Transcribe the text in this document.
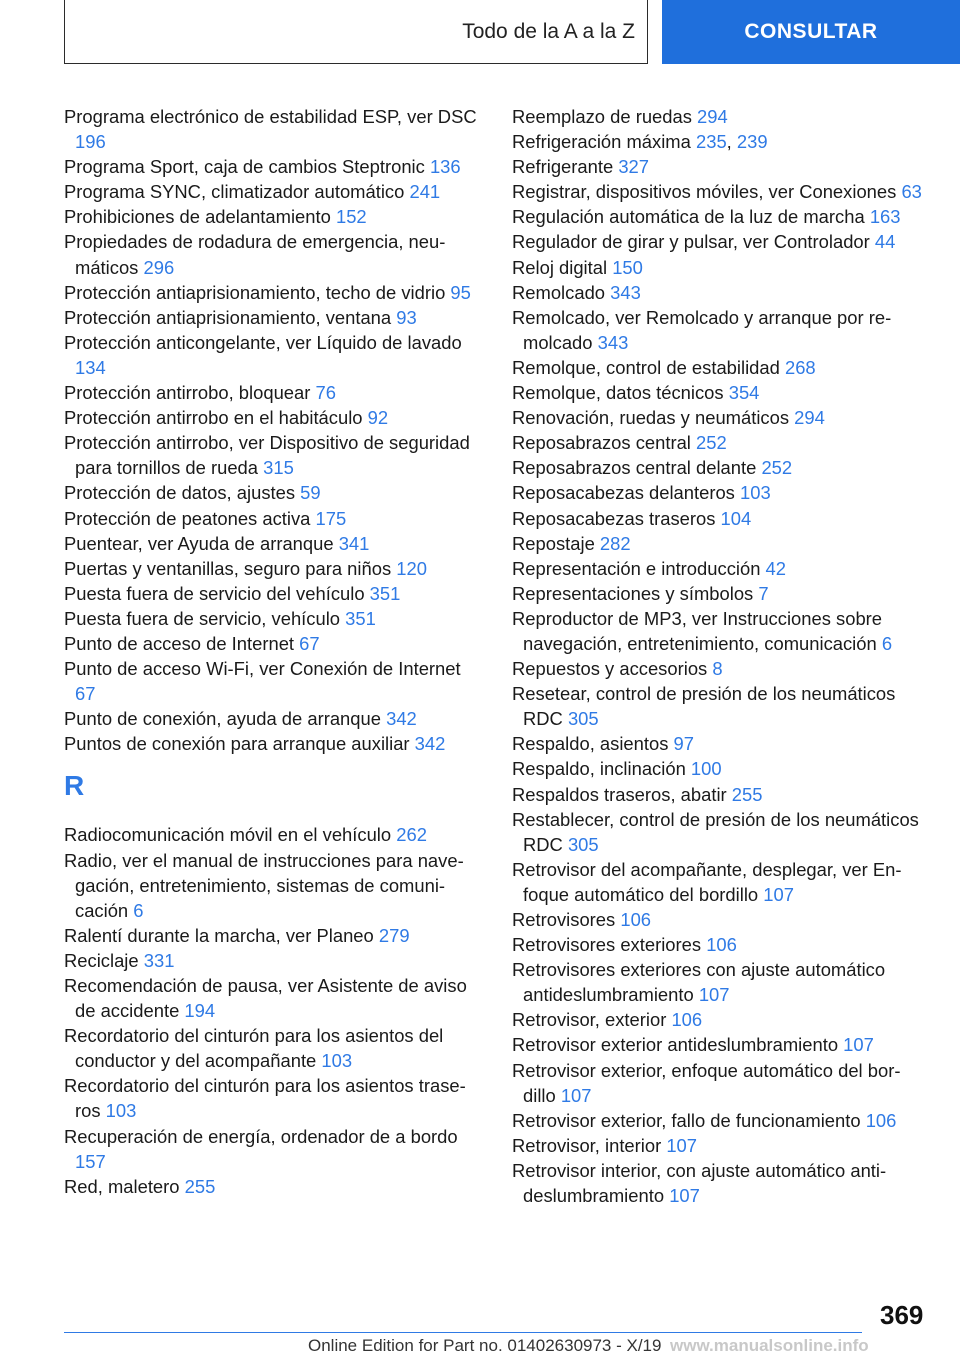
Todo de la A a la Z	CONSULTAR
Programa electrónico de estabilidad ESP, ver DSC 196
Programa Sport, caja de cambios Steptronic 136
Programa SYNC, climatizador automático 241
Prohibiciones de adelantamiento 152
Propiedades de rodadura de emergencia, neumáticos 296
Protección antiaprisionamiento, techo de vidrio 95
Protección antiaprisionamiento, ventana 93
Protección anticongelante, ver Líquido de lavado 134
Protección antirrobo, bloquear 76
Protección antirrobo en el habitáculo 92
Protección antirrobo, ver Dispositivo de seguridad para tornillos de rueda 315
Protección de datos, ajustes 59
Protección de peatones activa 175
Puentear, ver Ayuda de arranque 341
Puertas y ventanillas, seguro para niños 120
Puesta fuera de servicio del vehículo 351
Puesta fuera de servicio, vehículo 351
Punto de acceso de Internet 67
Punto de acceso Wi-Fi, ver Conexión de Internet 67
Punto de conexión, ayuda de arranque 342
Puntos de conexión para arranque auxiliar 342
R
Radiocomunicación móvil en el vehículo 262
Radio, ver el manual de instrucciones para navegación, entretenimiento, sistemas de comunicación 6
Ralentí durante la marcha, ver Planeo 279
Reciclaje 331
Recomendación de pausa, ver Asistente de aviso de accidente 194
Recordatorio del cinturón para los asientos del conductor y del acompañante 103
Recordatorio del cinturón para los asientos traseros 103
Recuperación de energía, ordenador de a bordo 157
Red, maletero 255
Reemplazo de ruedas 294
Refrigeración máxima 235, 239
Refrigerante 327
Registrar, dispositivos móviles, ver Conexiones 63
Regulación automática de la luz de marcha 163
Regulador de girar y pulsar, ver Controlador 44
Reloj digital 150
Remolcado 343
Remolcado, ver Remolcado y arranque por remolcado 343
Remolque, control de estabilidad 268
Remolque, datos técnicos 354
Renovación, ruedas y neumáticos 294
Reposabrazos central 252
Reposabrazos central delante 252
Reposacabezas delanteros 103
Reposacabezas traseros 104
Repostaje 282
Representación e introducción 42
Representaciones y símbolos 7
Reproductor de MP3, ver Instrucciones sobre navegación, entretenimiento, comunicación 6
Repuestos y accesorios 8
Resetear, control de presión de los neumáticos RDC 305
Respaldo, asientos 97
Respaldo, inclinación 100
Respaldos traseros, abatir 255
Restablecer, control de presión de los neumáticos RDC 305
Retrovisor del acompañante, desplegar, ver Enfoque automático del bordillo 107
Retrovisores 106
Retrovisores exteriores 106
Retrovisores exteriores con ajuste automático antideslumbramiento 107
Retrovisor, exterior 106
Retrovisor exterior antideslumbramiento 107
Retrovisor exterior, enfoque automático del bordillo 107
Retrovisor exterior, fallo de funcionamiento 106
Retrovisor, interior 107
Retrovisor interior, con ajuste automático antideslumbramiento 107
369
Online Edition for Part no. 01402630973 - X/19 www.manualsonline.info
